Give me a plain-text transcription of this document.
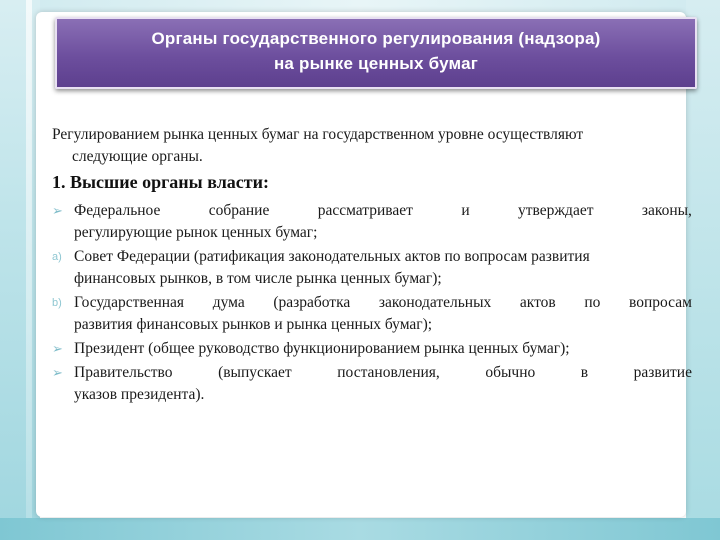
Органы государственного регулирования (надзора)
на рынке ценных бумаг
Регулированием рынка ценных бумаг на государственном уровне осуществляют
следующие органы.
1. Высшие органы власти:
➢ Федеральное	собрание	рассматривает	и	утверждает	законы,
регулирующие рынок ценных бумаг;
a) Совет Федерации (ратификация законодательных актов по вопросам развития
финансовых рынков, в том числе рынка ценных бумаг);
b) Государственная дума (разработка законодательных актов по вопросам
развития финансовых рынков и рынка ценных бумаг);
➢ Президент (общее руководство функционированием рынка ценных бумаг);
➢ Правительство	(выпускает	постановления,	обычно	в	развитие
указов президента).
